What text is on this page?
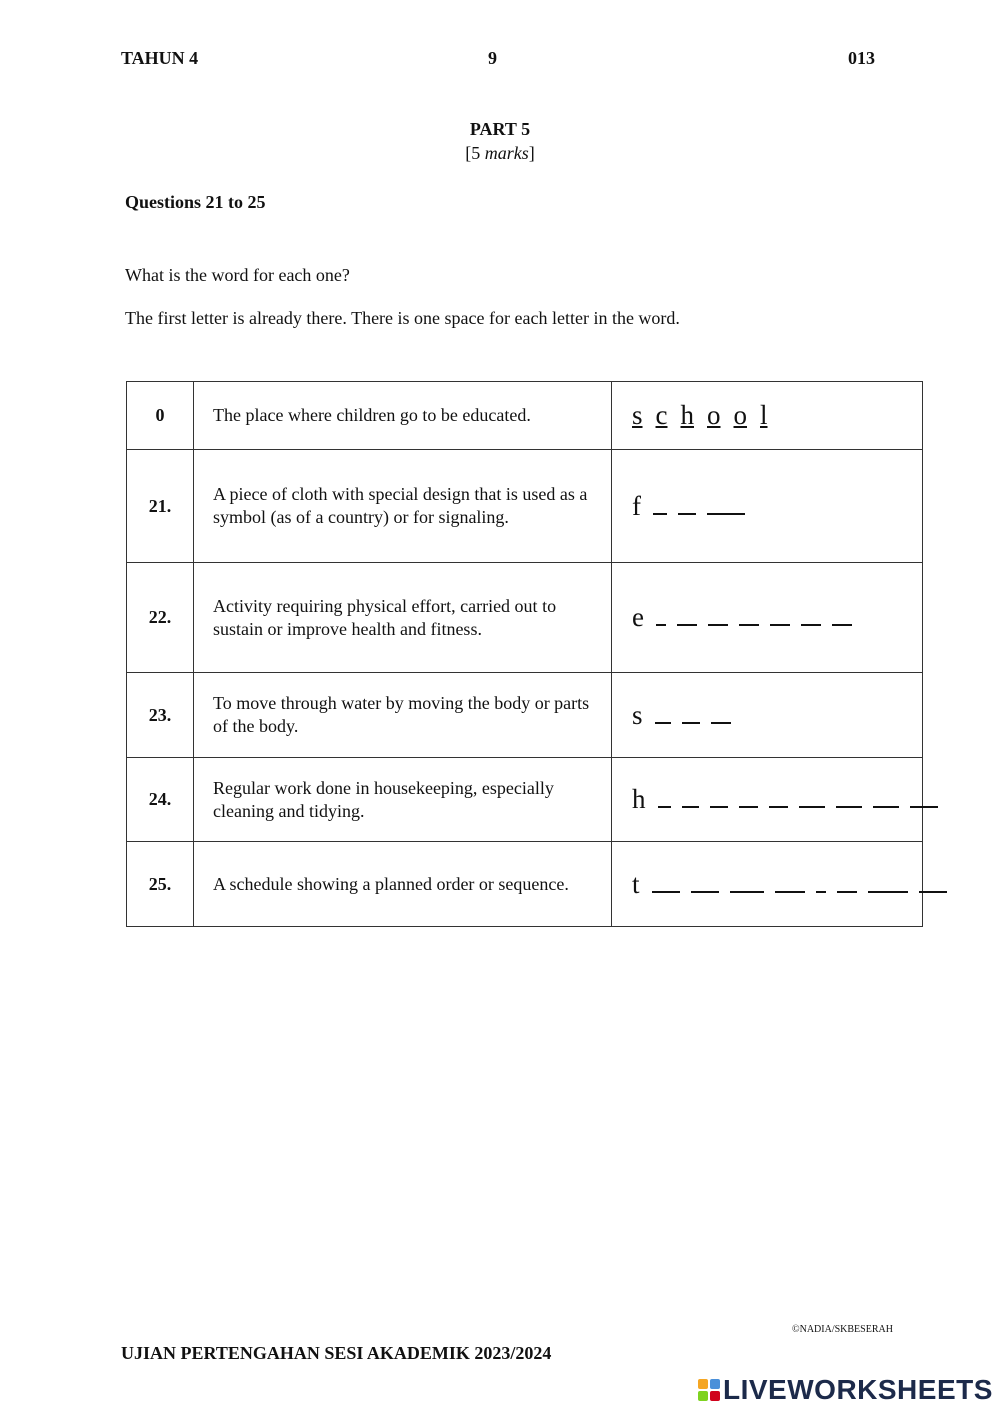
TAHUN 4	9	013
PART 5
[5 marks]
Questions 21 to 25
What is the word for each one?
The first letter is already there. There is one space for each letter in the word.
0	The place where children go to be educated.	s c h o o l

21.	A piece of cloth with special design that is used as a symbol (as of a country) or for signaling.	f

22.	Activity requiring physical effort, carried out to sustain or improve health and fitness.	e

23.	To move through water by moving the body or parts of the body.	s

24.	Regular work done in housekeeping, especially cleaning and tidying.	h

25.	A schedule showing a planned order or sequence.	t
©NADIA/SKBESERAH
UJIAN PERTENGAHAN SESI AKADEMIK 2023/2024
LIVEWORKSHEETS
